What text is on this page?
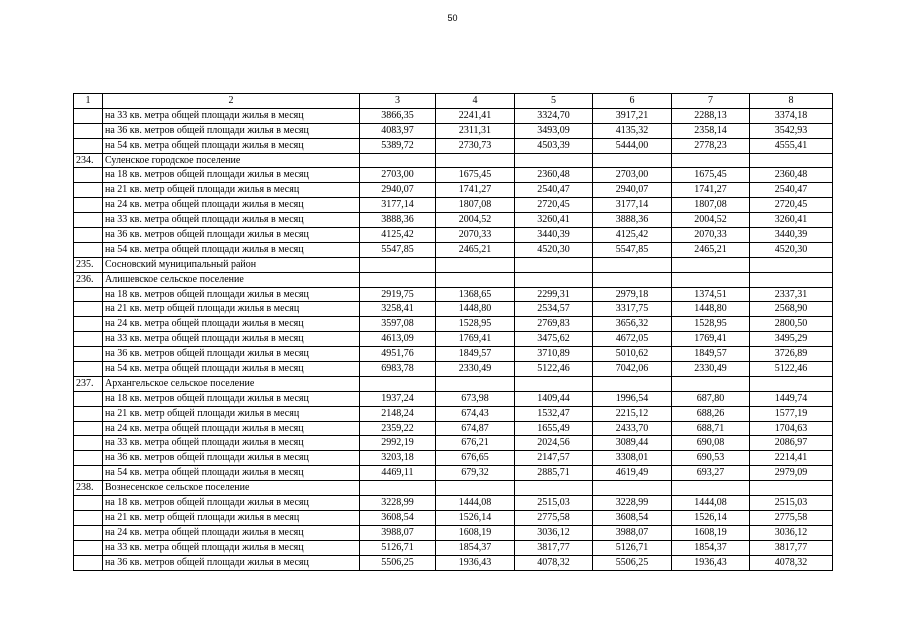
50
1	2	3	4	5	6	7	8
	на 33 кв. метра общей площади жилья в месяц	3866,35	2241,41	3324,70	3917,21	2288,13	3374,18
	на 36 кв. метров общей площади жилья в месяц	4083,97	2311,31	3493,09	4135,32	2358,14	3542,93
	на 54 кв. метра общей площади жилья в месяц	5389,72	2730,73	4503,39	5444,00	2778,23	4555,41
234.	Суленское городское поселение						
	на 18 кв. метров общей площади жилья в месяц	2703,00	1675,45	2360,48	2703,00	1675,45	2360,48
	на 21 кв. метр общей площади жилья в месяц	2940,07	1741,27	2540,47	2940,07	1741,27	2540,47
	на 24 кв. метра общей площади жилья в месяц	3177,14	1807,08	2720,45	3177,14	1807,08	2720,45
	на 33 кв. метра общей площади жилья в месяц	3888,36	2004,52	3260,41	3888,36	2004,52	3260,41
	на 36 кв. метров общей площади жилья в месяц	4125,42	2070,33	3440,39	4125,42	2070,33	3440,39
	на 54 кв. метра общей площади жилья в месяц	5547,85	2465,21	4520,30	5547,85	2465,21	4520,30
235.	Сосновский муниципальный район						
236.	Алишевское сельское поселение						
	на 18 кв. метров общей площади жилья в месяц	2919,75	1368,65	2299,31	2979,18	1374,51	2337,31
	на 21 кв. метр общей площади жилья в месяц	3258,41	1448,80	2534,57	3317,75	1448,80	2568,90
	на 24 кв. метра общей площади жилья в месяц	3597,08	1528,95	2769,83	3656,32	1528,95	2800,50
	на 33 кв. метра общей площади жилья в месяц	4613,09	1769,41	3475,62	4672,05	1769,41	3495,29
	на 36 кв. метров общей площади жилья в месяц	4951,76	1849,57	3710,89	5010,62	1849,57	3726,89
	на 54 кв. метра общей площади жилья в месяц	6983,78	2330,49	5122,46	7042,06	2330,49	5122,46
237.	Архангельское сельское поселение						
	на 18 кв. метров общей площади жилья в месяц	1937,24	673,98	1409,44	1996,54	687,80	1449,74
	на 21 кв. метр общей площади жилья в месяц	2148,24	674,43	1532,47	2215,12	688,26	1577,19
	на 24 кв. метра общей площади жилья в месяц	2359,22	674,87	1655,49	2433,70	688,71	1704,63
	на 33 кв. метра общей площади жилья в месяц	2992,19	676,21	2024,56	3089,44	690,08	2086,97
	на 36 кв. метров общей площади жилья в месяц	3203,18	676,65	2147,57	3308,01	690,53	2214,41
	на 54 кв. метра общей площади жилья в месяц	4469,11	679,32	2885,71	4619,49	693,27	2979,09
238.	Вознесенское сельское поселение						
	на 18 кв. метров общей площади жилья в месяц	3228,99	1444,08	2515,03	3228,99	1444,08	2515,03
	на 21 кв. метр общей площади жилья в месяц	3608,54	1526,14	2775,58	3608,54	1526,14	2775,58
	на 24 кв. метра общей площади жилья в месяц	3988,07	1608,19	3036,12	3988,07	1608,19	3036,12
	на 33 кв. метра общей площади жилья в месяц	5126,71	1854,37	3817,77	5126,71	1854,37	3817,77
	на 36 кв. метров общей площади жилья в месяц	5506,25	1936,43	4078,32	5506,25	1936,43	4078,32
